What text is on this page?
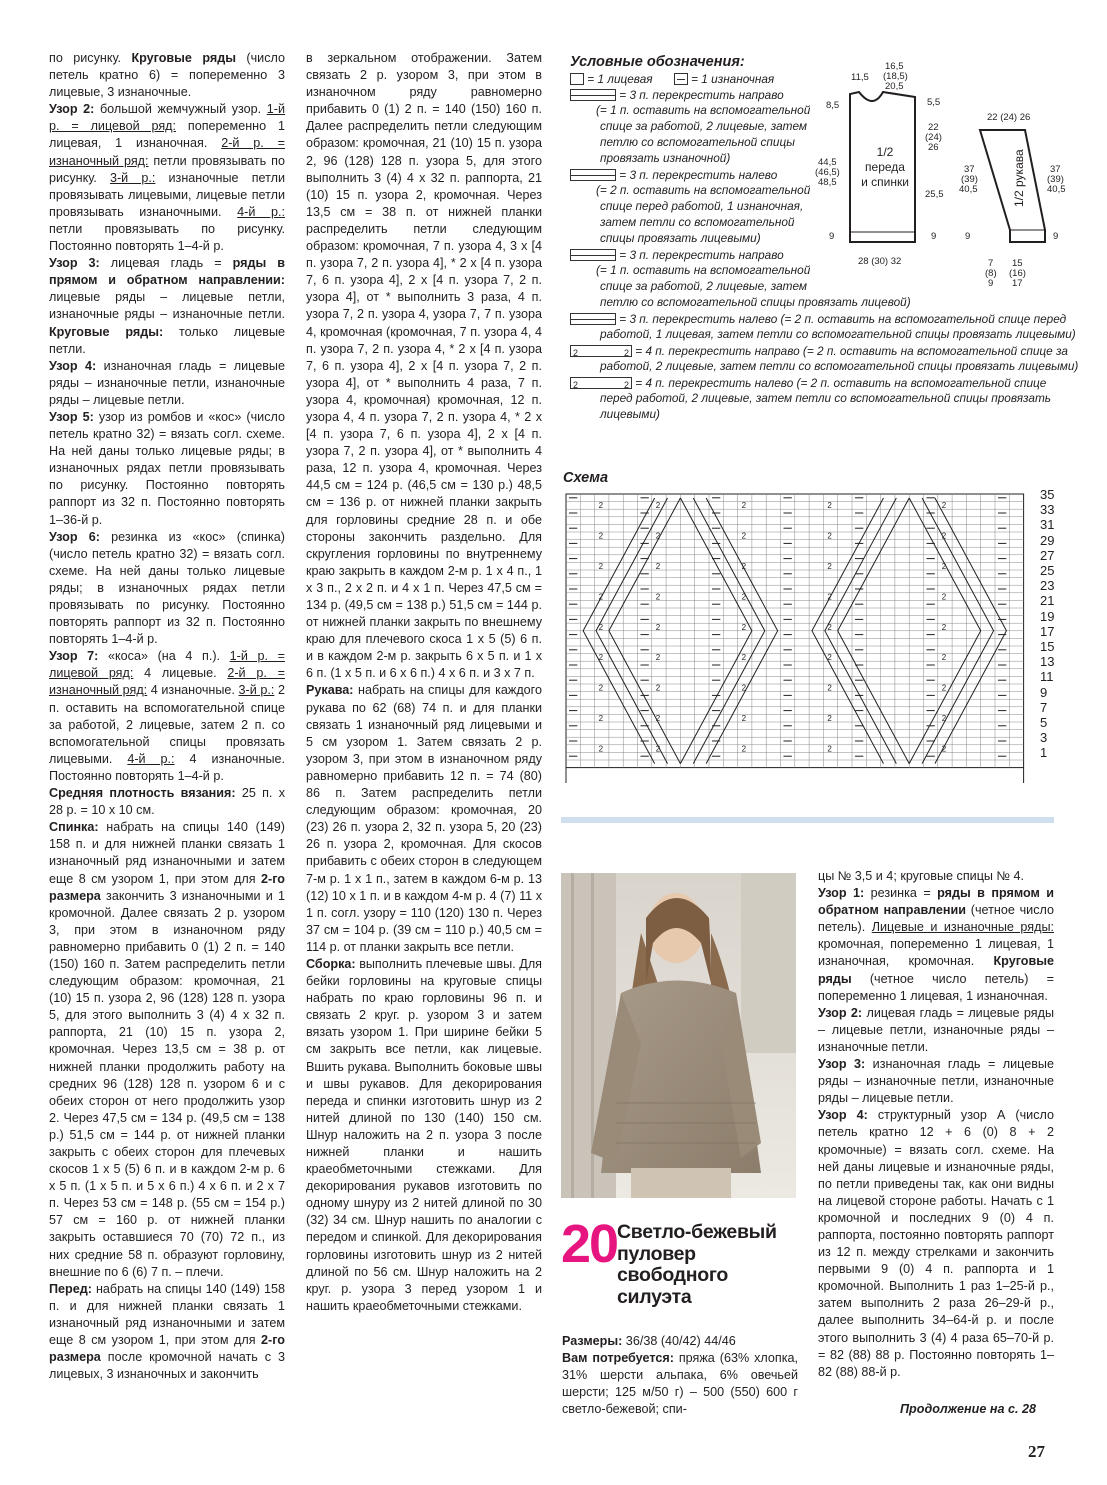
по рисунку. Круговые ряды (число петель кратно 6) = попеременно 3 лицевые, 3 изнаночные.

Узор 2: большой жемчужный узор. 1-й р. = лицевой ряд: попеременно 1 лицевая, 1 изнаночная. 2-й р. = изнаночный ряд: петли провязывать по рисунку. 3-й р.: изнаночные петли провязывать лицевыми, лицевые петли провязывать изнаночными. 4-й р.: петли провязывать по рисунку. Постоянно повторять 1–4-й р.

Узор 3: лицевая гладь = ряды в прямом и обратном направлении: лицевые ряды – лицевые петли, изнаночные ряды – изнаночные петли. Круговые ряды: только лицевые петли.

Узор 4: изнаночная гладь = лицевые ряды – изнаночные петли, изнаночные ряды – лицевые петли.

Узор 5: узор из ромбов и «кос» (число петель кратно 32) = вязать согл. схеме. На ней даны только лицевые ряды; в изнаночных рядах петли провязывать по рисунку. Постоянно повторять раппорт из 32 п. Постоянно повторять 1–36-й р.

Узор 6: резинка из «кос» (спинка) (число петель кратно 32) = вязать согл. схеме. На ней даны только лицевые ряды; в изнаночных рядах петли провязывать по рисунку. Постоянно повторять раппорт из 32 п. Постоянно повторять 1–4-й р.

Узор 7: «коса» (на 4 п.). 1-й р. = лицевой ряд: 4 лицевые. 2-й р. = изнаночный ряд: 4 изнаночные. 3-й р.: 2 п. оставить на вспомогательной спице за работой, 2 лицевые, затем 2 п. со вспомогательной спицы провязать лицевыми. 4-й р.: 4 изнаночные. Постоянно повторять 1–4-й р.

Средняя плотность вязания: 25 п. х 28 р. = 10 х 10 см.

Спинка: набрать на спицы 140 (149) 158 п. и для нижней планки связать 1 изнаночный ряд изнаночными и затем еще 8 см узором 1, при этом для 2-го размера закончить 3 изнаночными и 1 кромочной. Далее связать 2 р. узором 3, при этом в изнаночном ряду равномерно прибавить 0 (1) 2 п. = 140 (150) 160 п. Затем распределить петли следующим образом: кромочная, 21 (10) 15 п. узора 2, 96 (128) 128 п. узора 5, для этого выполнить 3 (4) 4 х 32 п. раппорта, 21 (10) 15 п. узора 2, кромочная. Через 13,5 см = 38 р. от нижней планки продолжить работу на средних 96 (128) 128 п. узором 6 и с обеих сторон от него продолжить узор 2. Через 47,5 см = 134 р. (49,5 см = 138 р.) 51,5 см = 144 р. от нижней планки закрыть с обеих сторон для плечевых скосов 1 х 5 (5) 6 п. и в каждом 2-м р. 6 х 5 п. (1 х 5 п. и 5 х 6 п.) 4 х 6 п. и 2 х 7 п. Через 53 см = 148 р. (55 см = 154 р.) 57 см = 160 р. от нижней планки закрыть оставшиеся 70 (70) 72 п., из них средние 58 п. образуют горловину, внешние по 6 (6) 7 п. – плечи.

Перед: набрать на спицы 140 (149) 158 п. и для нижней планки связать 1 изнаночный ряд изнаночными и затем еще 8 см узором 1, при этом для 2-го размера после кромочной начать с 3 лицевых, 3 изнаночных и закончить

в зеркальном отображении. Затем связать 2 р. узором 3, при этом в изнаночном ряду равномерно прибавить 0 (1) 2 п. = 140 (150) 160 п. Далее распределить петли следующим образом: кромочная, 21 (10) 15 п. узора 2, 96 (128) 128 п. узора 5, для этого выполнить 3 (4) 4 х 32 п. раппорта, 21 (10) 15 п. узора 2, кромочная. Через 13,5 см = 38 п. от нижней планки распределить петли следующим образом: кромочная, 7 п. узора 4, 3 х [4 п. узора 7, 2 п. узора 4], * 2 х [4 п. узора 7, 6 п. узора 4], 2 х [4 п. узора 7, 2 п. узора 4], от * выполнить 3 раза, 4 п. узора 7, 2 п. узора 4, узора 7, 7 п. узора 4, кромочная (кромочная, 7 п. узора 4, 4 п. узора 7, 2 п. узора 4, * 2 х [4 п. узора 7, 6 п. узора 4], 2 х [4 п. узора 7, 2 п. узора 4], от * выполнить 4 раза, 7 п. узора 4, кромочная) кромочная, 12 п. узора 4, 4 п. узора 7, 2 п. узора 4, * 2 х [4 п. узора 7, 6 п. узора 4], 2 х [4 п. узора 7, 2 п. узора 4], от * выполнить 4 раза, 12 п. узора 4, кромочная. Через 44,5 см = 124 р. (46,5 см = 130 р.) 48,5 см = 136 р. от нижней планки закрыть для горловины средние 28 п. и обе стороны закончить раздельно. Для скругления горловины по внутреннему краю закрыть в каждом 2-м р. 1 х 4 п., 1 х 3 п., 2 х 2 п. и 4 х 1 п. Через 47,5 см = 134 р. (49,5 см = 138 р.) 51,5 см = 144 р. от нижней планки закрыть по внешнему краю для плечевого скоса 1 х 5 (5) 6 п. и в каждом 2-м р. закрыть 6 х 5 п. и 1 х 6 п. (1 х 5 п. и 6 х 6 п.) 4 х 6 п. и 3 х 7 п.

Рукава: набрать на спицы для каждого рукава по 62 (68) 74 п. и для планки связать 1 изнаночный ряд лицевыми и 5 см узором 1. Затем связать 2 р. узором 3, при этом в изнаночном ряду равномерно прибавить 12 п. = 74 (80) 86 п. Затем распределить петли следующим образом: кромочная, 20 (23) 26 п. узора 2, 32 п. узора 5, 20 (23) 26 п. узора 2, кромочная. Для скосов прибавить с обеих сторон в следующем 7-м р. 1 х 1 п., затем в каждом 6-м р. 13 (12) 10 х 1 п. и в каждом 4-м р. 4 (7) 11 х 1 п. согл. узору = 110 (120) 130 п. Через 37 см = 104 р. (39 см = 110 р.) 40,5 см = 114 р. от планки закрыть все петли.

Сборка: выполнить плечевые швы. Для бейки горловины на круговые спицы набрать по краю горловины 96 п. и связать 2 круг. р. узором 3 и затем вязать узором 1. При ширине бейки 5 см закрыть все петли, как лицевые. Вшить рукава. Выполнить боковые швы и швы рукавов. Для декорирования переда и спинки изготовить шнур из 2 нитей длиной по 130 (140) 150 см. Шнур наложить на 2 п. узора 3 после нижней планки и нашить краеобметочными стежками. Для декорирования рукавов изготовить по одному шнуру из 2 нитей длиной по 30 (32) 34 см. Шнур нашить по аналогии с передом и спинкой. Для декорирования горловины изготовить шнур из 2 нитей длиной по 56 см. Шнур наложить на 2 круг. р. узора 3 перед узором 1 и нашить краеобметочными стежками.

Условные обозначения:
= 1 лицевая	= 1 изнаночная
= 3 п. перекрестить направо
(= 1 п. оставить на вспомогательной
спице за работой, 2 лицевые, затем
петлю со вспомогательной спицы
провязать изнаночной)
= 3 п. перекрестить налево
(= 2 п. оставить на вспомогательной
спице перед работой, 1 изнаночная,
затем петли со вспомогательной
спицы провязать лицевыми)
= 3 п. перекрестить направо
(= 1 п. оставить на вспомогательной
спице за работой, 2 лицевые, затем
петлю со вспомогательной спицы провязать лицевой)
= 3 п. перекрестить налево (= 2 п. оставить на вспомогательной спице перед
работой, 1 лицевая, затем петли со вспомогательной спицы провязать лицевыми)
2	2 = 4 п. перекрестить направо (= 2 п. оставить на вспомогательной спице за
работой, 2 лицевые, затем петли со вспомогательной спицы провязать лицевыми)
2	2 = 4 п. перекрестить налево (= 2 п. оставить на вспомогательной спице
перед работой, 2 лицевые, затем петли со вспомогательной спицы провязать
лицевыми)
1/2
переда
и спинки
11,5
16,5
(18,5)
20,5
8,5	5,5
22
(24)
26
25,5
44,5
(46,5)
48,5
9	9
28 (30) 32
1/2 рукава
22 (24) 26
37
(39)
40,5
37
(39)
40,5
9	9
7
(8)
9
15
(16)
17
Схема
2	2	2	2	2
2	2	2	2	2
2	2	2	2	2
2	2	2	2	2
2	2	2	2	2
2	2	2	2	2
2	2	2	2	2
2	2	2	2	2
2	2	2	2	2
35
33
31
29
27
25
23
21
19
17
15
13
11
9
7
5
3
1
20 Светло-бежевый
пуловер
свободного
силуэта

Размеры: 36/38 (40/42) 44/46

Вам потребуется: пряжа (63% хлопка, 31% шерсти альпака, 6% овечьей шерсти; 125 м/50 г) – 500 (550) 600 г светло-бежевой; спи-

цы № 3,5 и 4; круговые спицы № 4.

Узор 1: резинка = ряды в прямом и обратном направлении (четное число петель). Лицевые и изнаночные ряды: кромочная, попеременно 1 лицевая, 1 изнаночная, кромочная. Круговые ряды (четное число петель) = попеременно 1 лицевая, 1 изнаночная.

Узор 2: лицевая гладь = лицевые ряды – лицевые петли, изнаночные ряды – изнаночные петли.

Узор 3: изнаночная гладь = лицевые ряды – изнаночные петли, изнаночные ряды – лицевые петли.

Узор 4: структурный узор А (число петель кратно 12 + 6 (0) 8 + 2 кромочные) = вязать согл. схеме. На ней даны лицевые и изнаночные ряды, по петли приведены так, как они видны на лицевой стороне работы. Начать с 1 кромочной и последних 9 (0) 4 п. раппорта, постоянно повторять раппорт из 12 п. между стрелками и закончить первыми 9 (0) 4 п. раппорта и 1 кромочной. Выполнить 1 раз 1–25-й р., затем выполнить 2 раза 26–29-й р., далее выполнить 34–64-й р. и после этого выполнить 3 (4) 4 раза 65–70-й р. = 82 (88) 88 р. Постоянно повторять 1–82 (88) 88-й р.

Продолжение на с. 28
27
